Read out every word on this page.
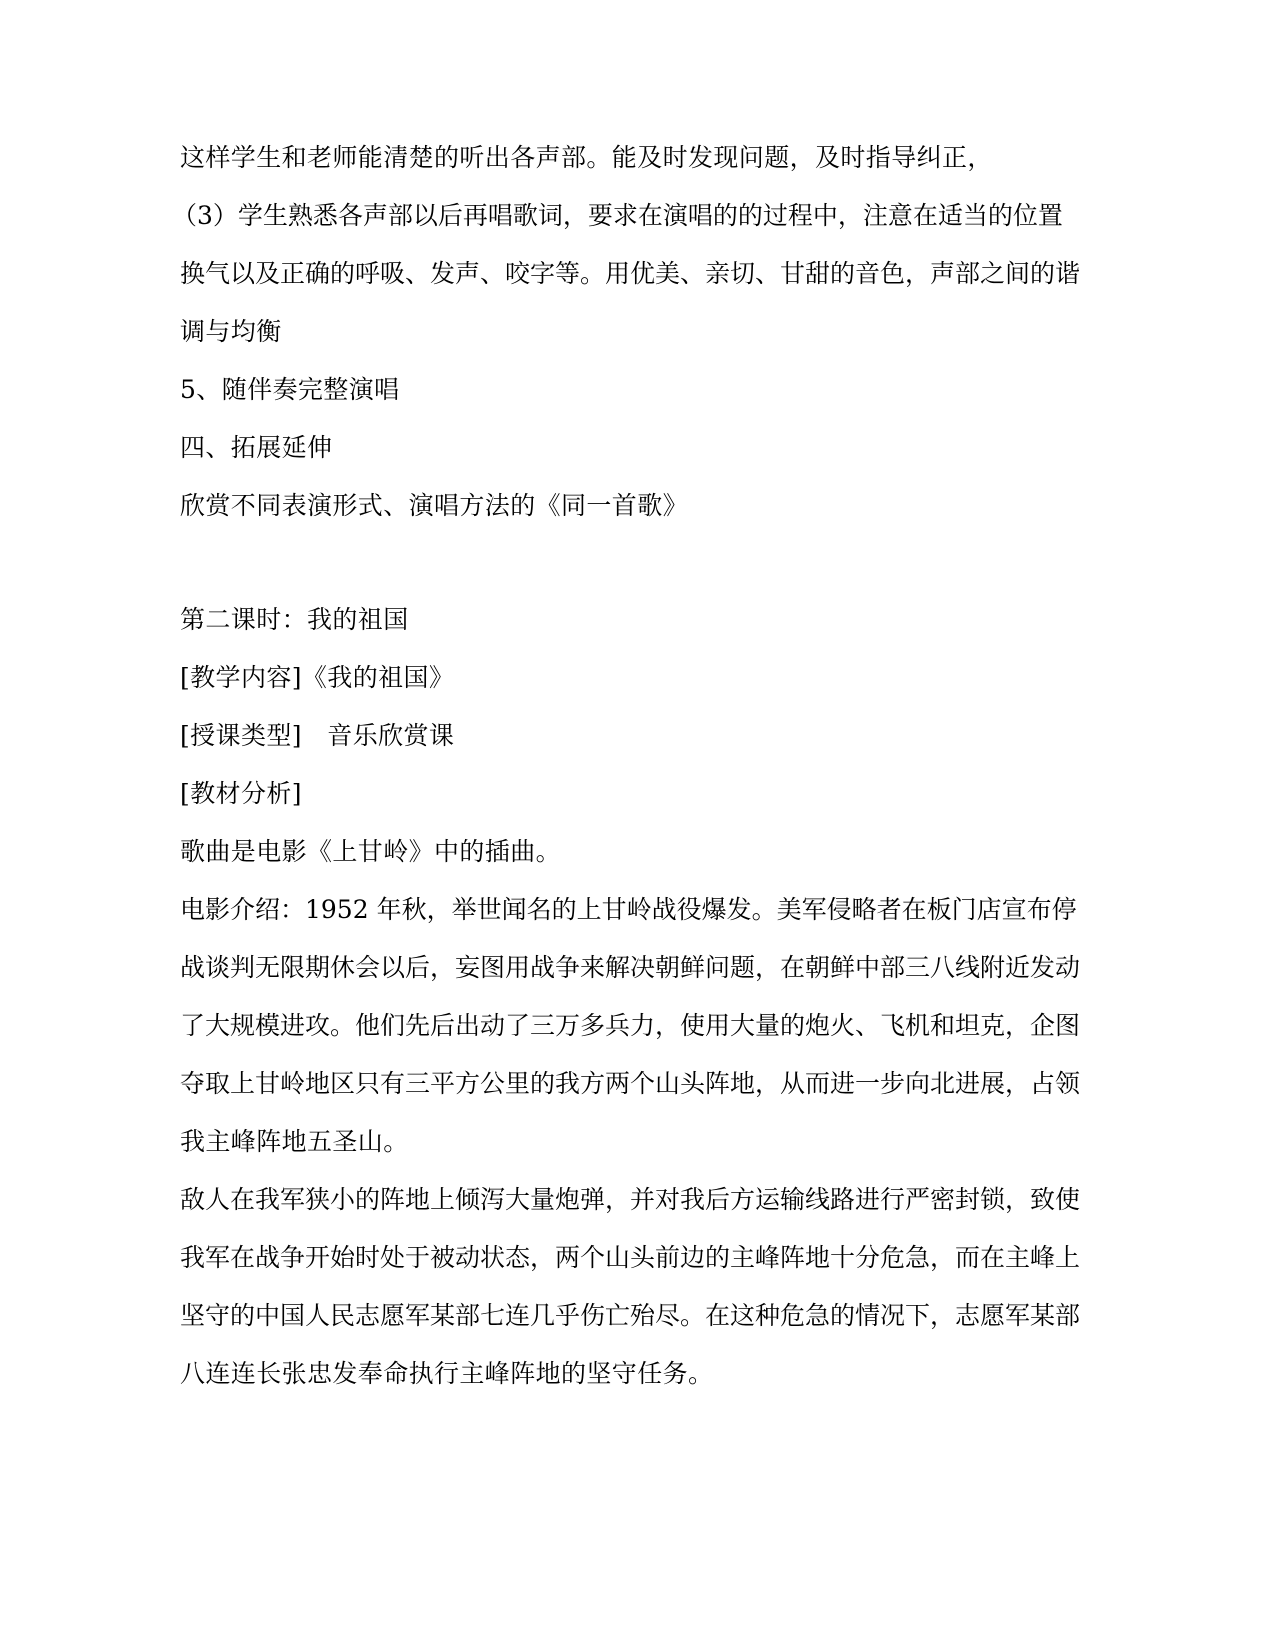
这样学生和老师能清楚的听出各声部。能及时发现问题，及时指导纠正，
（3）学生熟悉各声部以后再唱歌词，要求在演唱的的过程中，注意在适当的位置
换气以及正确的呼吸、发声、咬字等。用优美、亲切、甘甜的音色，声部之间的谐
调与均衡
5、随伴奏完整演唱
四、拓展延伸
欣赏不同表演形式、演唱方法的《同一首歌》
第二课时：我的祖国
[教学内容]《我的祖国》
[授课类型]　音乐欣赏课
[教材分析]
歌曲是电影《上甘岭》中的插曲。
电影介绍：1952 年秋，举世闻名的上甘岭战役爆发。美军侵略者在板门店宣布停
战谈判无限期休会以后，妄图用战争来解决朝鲜问题，在朝鲜中部三八线附近发动
了大规模进攻。他们先后出动了三万多兵力，使用大量的炮火、飞机和坦克，企图
夺取上甘岭地区只有三平方公里的我方两个山头阵地，从而进一步向北进展，占领
我主峰阵地五圣山。
敌人在我军狭小的阵地上倾泻大量炮弹，并对我后方运输线路进行严密封锁，致使
我军在战争开始时处于被动状态，两个山头前边的主峰阵地十分危急，而在主峰上
坚守的中国人民志愿军某部七连几乎伤亡殆尽。在这种危急的情况下，志愿军某部
八连连长张忠发奉命执行主峰阵地的坚守任务。
